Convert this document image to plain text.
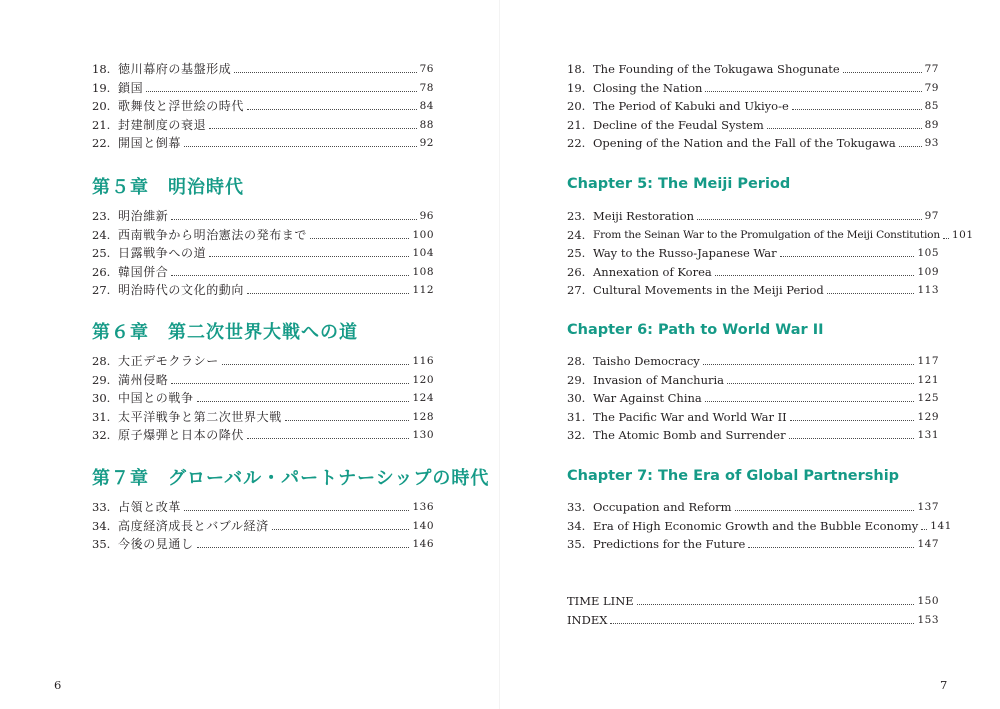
第５章　明治時代
第６章　第二次世界大戦への道
第７章　グローバル・パートナーシップの時代
18. 徳川幕府の基盤形成	76
19. 鎖国	78
20. 歌舞伎と浮世絵の時代	84
21. 封建制度の衰退	88
22. 開国と倒幕	92
23. 明治維新	96
24. 西南戦争から明治憲法の発布まで	100
25. 日露戦争への道	104
26. 韓国併合	108
27. 明治時代の文化的動向	112
28. 大正デモクラシー	116
29. 満州侵略	120
30. 中国との戦争	124
31. 太平洋戦争と第二次世界大戦	128
32. 原子爆弾と日本の降伏	130
33. 占領と改革	136
34. 高度経済成長とバブル経済	140
35. 今後の見通し	146
6
Chapter 5: The Meiji Period
Chapter 6: Path to World War II
Chapter 7: The Era of Global Partnership
18. The Founding of the Tokugawa Shogunate	77
19. Closing the Nation	79
20. The Period of Kabuki and Ukiyo-e	85
21. Decline of the Feudal System	89
22. Opening of the Nation and the Fall of the Tokugawa	93
23. Meiji Restoration	97
24. From the Seinan War to the Promulgation of the Meiji Constitution 101
25. Way to the Russo-Japanese War	105
26. Annexation of Korea	109
27. Cultural Movements in the Meiji Period	113
28. Taisho Democracy	117
29. Invasion of Manchuria	121
30. War Against China	125
31. The Pacific War and World War II	129
32. The Atomic Bomb and Surrender	131
33. Occupation and Reform	137
34. Era of High Economic Growth and the Bubble Economy 141
35. Predictions for the Future	147
TIME LINE	150
INDEX	153
7
